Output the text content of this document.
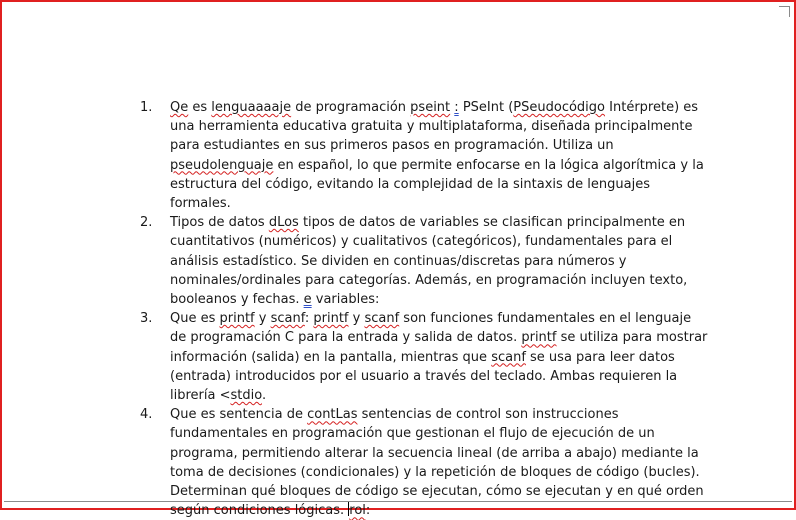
1.	Qe es lenguaaaaje de programación pseint : PSeInt (PSeudocódigo Intérprete) es una herramienta educativa gratuita y multiplataforma, diseñada principalmente para estudiantes en sus primeros pasos en programación. Utiliza un pseudolenguaje en español, lo que permite enfocarse en la lógica algorítmica y la estructura del código, evitando la complejidad de la sintaxis de lenguajes formales.
2.	Tipos de datos dLos tipos de datos de variables se clasifican principalmente en cuantitativos (numéricos) y cualitativos (categóricos), fundamentales para el análisis estadístico. Se dividen en continuas/discretas para números y nominales/ordinales para categorías. Además, en programación incluyen texto, booleanos y fechas. e variables:
3.	Que es printf y scanf: printf y scanf son funciones fundamentales en el lenguaje de programación C para la entrada y salida de datos. printf se utiliza para mostrar información (salida) en la pantalla, mientras que scanf se usa para leer datos (entrada) introducidos por el usuario a través del teclado. Ambas requieren la librería <stdio.
4.	Que es sentencia de contLas sentencias de control son instrucciones fundamentales en programación que gestionan el flujo de ejecución de un programa, permitiendo alterar la secuencia lineal (de arriba a abajo) mediante la toma de decisiones (condicionales) y la repetición de bloques de código (bucles). Determinan qué bloques de código se ejecutan, cómo se ejecutan y en qué orden según condiciones lógicas. rol:
